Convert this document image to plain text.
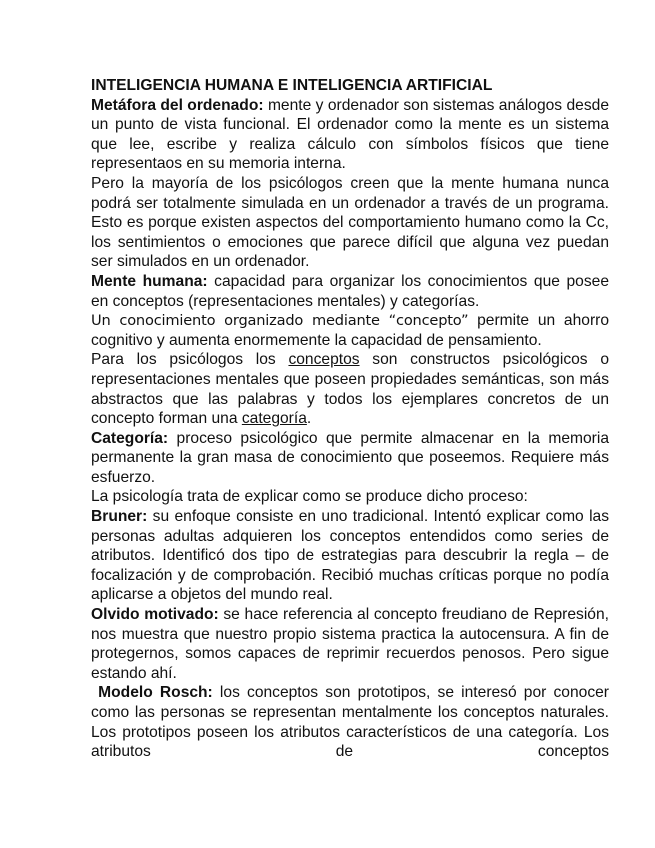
INTELIGENCIA HUMANA E INTELIGENCIA ARTIFICIAL

Metáfora del ordenado: mente y ordenador son sistemas análogos desde un punto de vista funcional. El ordenador como la mente es un sistema que lee, escribe y realiza cálculo con símbolos físicos que tiene representaos en su memoria interna.

Pero la mayoría de los psicólogos creen que la mente humana nunca podrá ser totalmente simulada en un ordenador a través de un programa. Esto es porque existen aspectos del comportamiento humano como la Cc, los sentimientos o emociones que parece difícil que alguna vez puedan ser simulados en un ordenador.

Mente humana: capacidad para organizar los conocimientos que posee en conceptos (representaciones mentales) y categorías.

Un conocimiento organizado mediante “concepto” permite un ahorro cognitivo y aumenta enormemente la capacidad de pensamiento.

Para los psicólogos los conceptos son constructos psicológicos o representaciones mentales que poseen propiedades semánticas, son más abstractos que las palabras y todos los ejemplares concretos de un concepto forman una categoría.

Categoría: proceso psicológico que permite almacenar en la memoria permanente la gran masa de conocimiento que poseemos. Requiere más esfuerzo.

La psicología trata de explicar como se produce dicho proceso:

Bruner: su enfoque consiste en uno tradicional. Intentó explicar como las personas adultas adquieren los conceptos entendidos como series de atributos. Identificó dos tipo de estrategias para descubrir la regla – de focalización y de comprobación. Recibió muchas críticas porque no podía aplicarse a objetos del mundo real.

Olvido motivado: se hace referencia al concepto freudiano de Represión, nos muestra que nuestro propio sistema practica la autocensura. A fin de protegernos, somos capaces de reprimir recuerdos penosos. Pero sigue estando ahí.

Modelo Rosch: los conceptos son prototipos, se interesó por conocer como las personas se representan mentalmente los conceptos naturales. Los prototipos poseen los atributos característicos de una categoría. Los atributos de conceptos
